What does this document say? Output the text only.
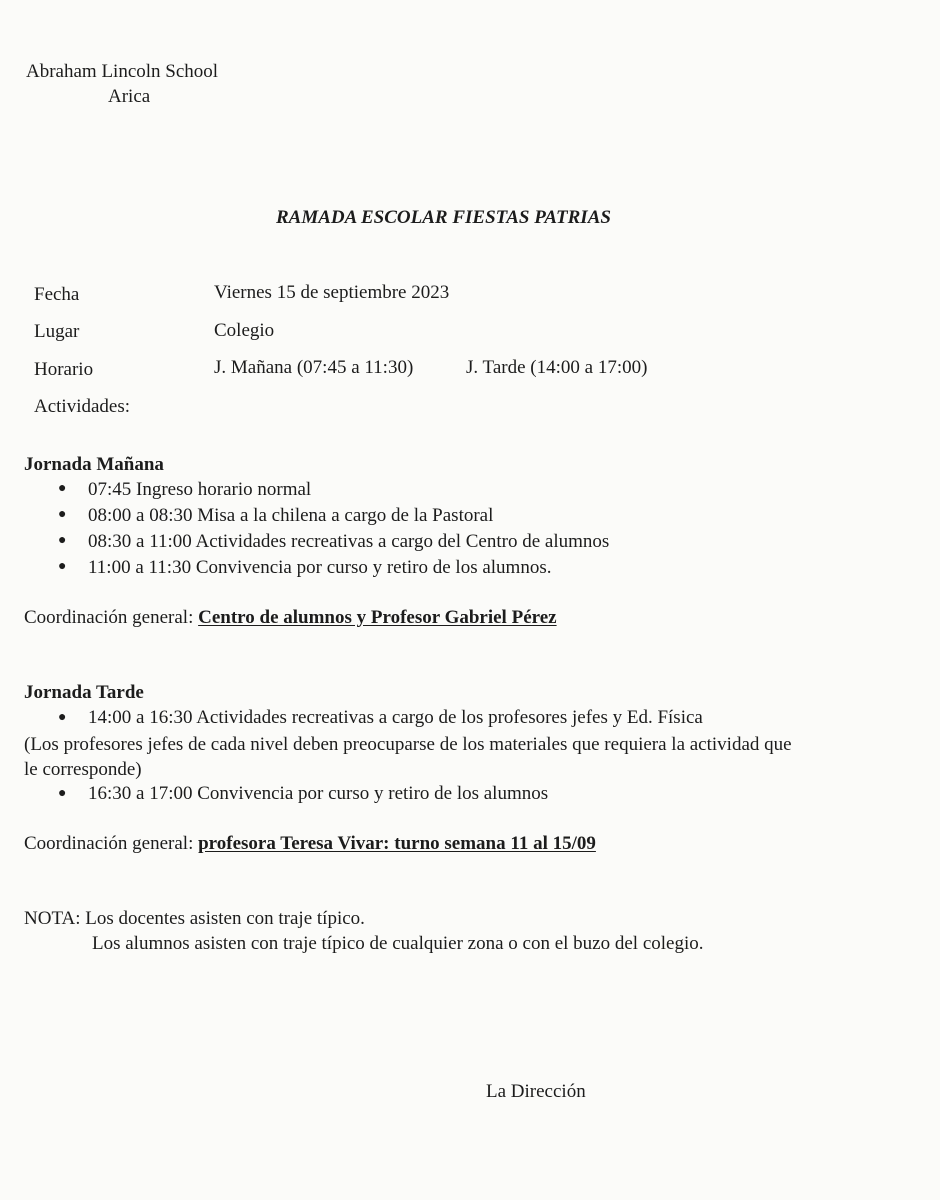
Abraham Lincoln School
Arica
RAMADA ESCOLAR FIESTAS PATRIAS
Fecha	Viernes 15 de septiembre 2023
Lugar	Colegio
Horario	J. Mañana (07:45 a 11:30)	J. Tarde (14:00 a 17:00)
Actividades:
Jornada Mañana
● 07:45 Ingreso horario normal
● 08:00 a 08:30 Misa a la chilena a cargo de la Pastoral
● 08:30 a 11:00 Actividades recreativas a cargo del Centro de alumnos
● 11:00 a 11:30 Convivencia por curso y retiro de los alumnos.
Coordinación general: Centro de alumnos y Profesor Gabriel Pérez
Jornada Tarde
● 14:00 a 16:30 Actividades recreativas a cargo de los profesores jefes y Ed. Física
(Los profesores jefes de cada nivel deben preocuparse de los materiales que requiera la actividad que
le corresponde)
● 16:30 a 17:00 Convivencia por curso y retiro de los alumnos
Coordinación general: profesora Teresa Vivar: turno semana 11 al 15/09
NOTA: Los docentes asisten con traje típico.
Los alumnos asisten con traje típico de cualquier zona o con el buzo del colegio.
La Dirección
